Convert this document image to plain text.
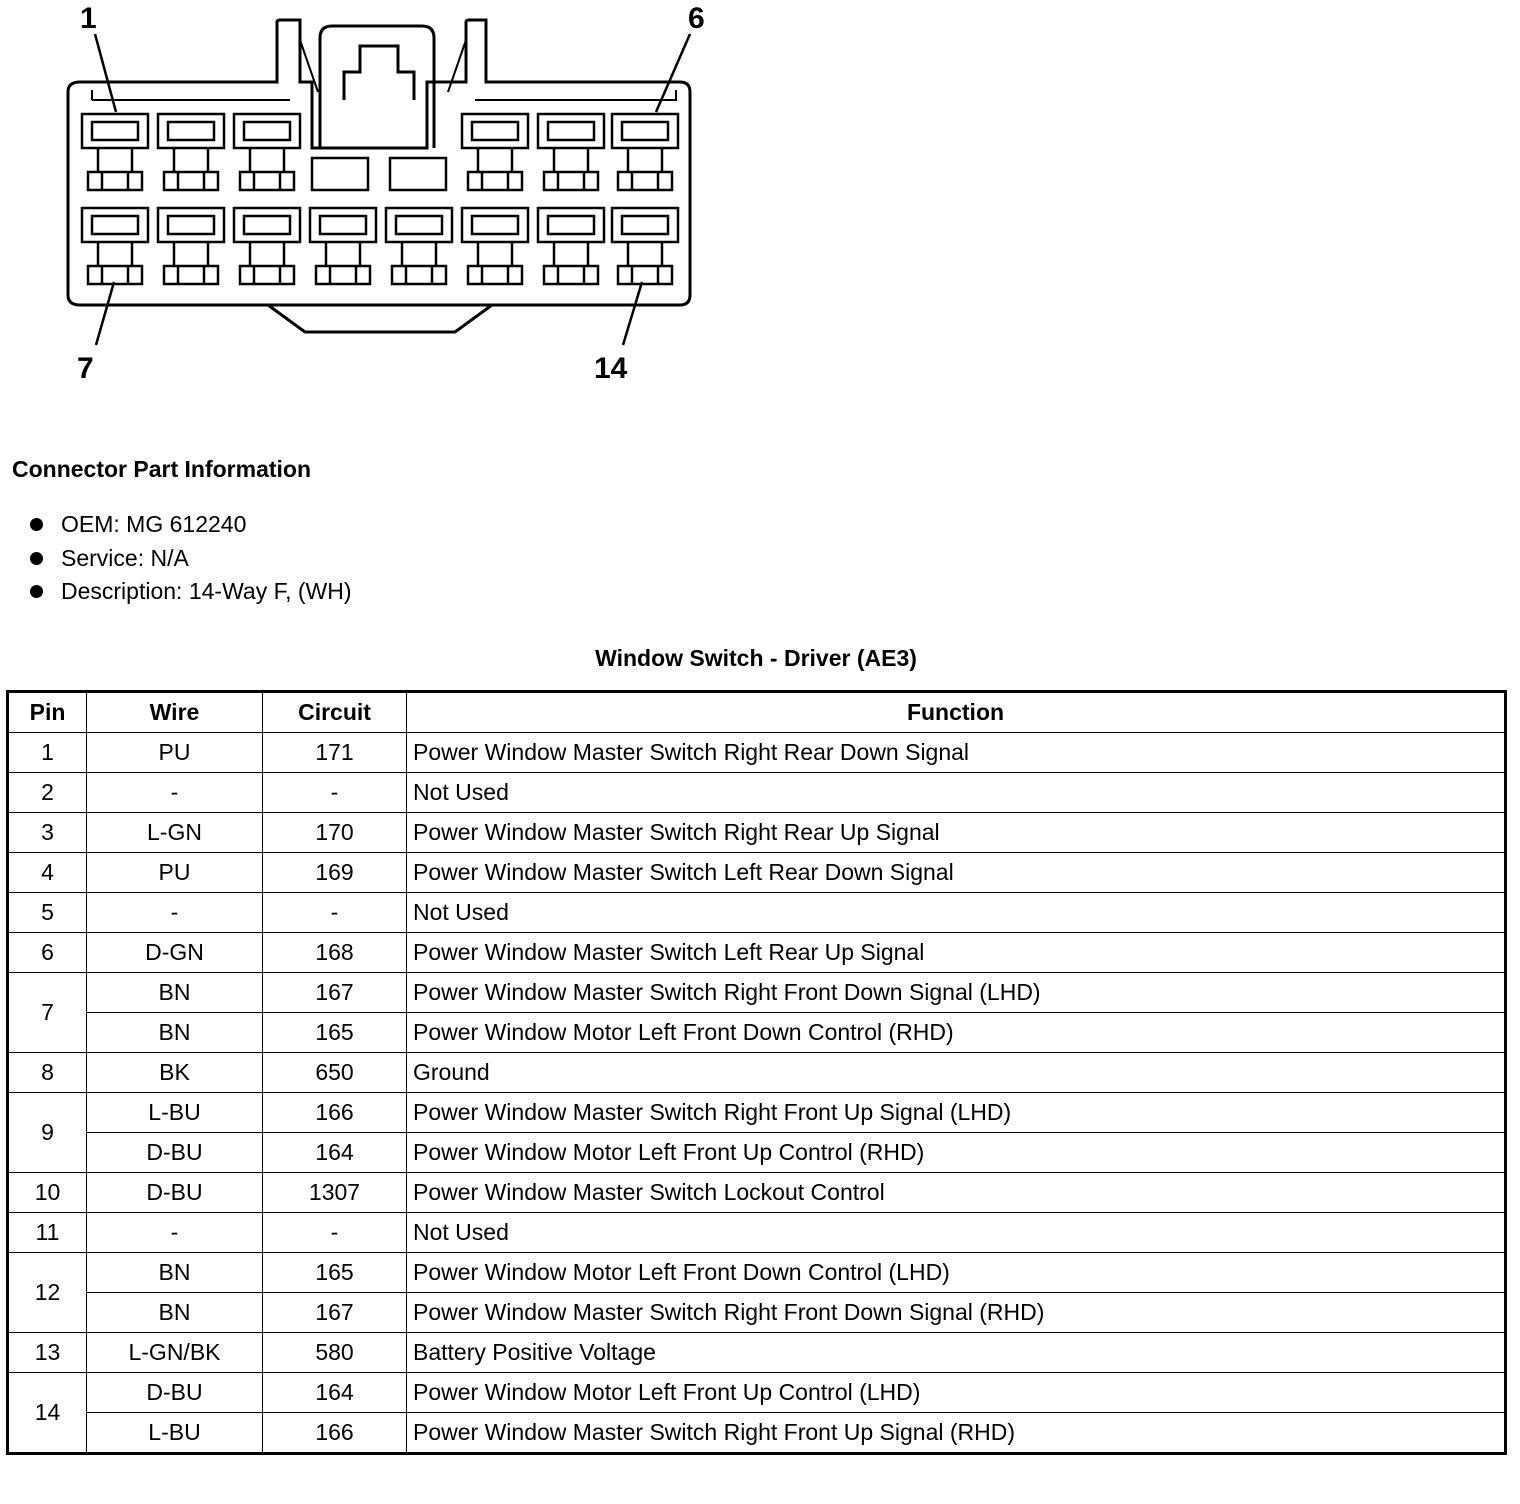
1	6
7	14
Connector Part Information
OEM: MG 612240
Service: N/A
Description: 14-Way F, (WH)
Window Switch - Driver (AE3)
Pin	Wire	Circuit	Function
1	PU	171	Power Window Master Switch Right Rear Down Signal
2	-	-	Not Used
3	L-GN	170	Power Window Master Switch Right Rear Up Signal
4	PU	169	Power Window Master Switch Left Rear Down Signal
5	-	-	Not Used
6	D-GN	168	Power Window Master Switch Left Rear Up Signal
7	BN	167	Power Window Master Switch Right Front Down Signal (LHD)
	BN	165	Power Window Motor Left Front Down Control (RHD)
8	BK	650	Ground
9	L-BU	166	Power Window Master Switch Right Front Up Signal (LHD)
	D-BU	164	Power Window Motor Left Front Up Control (RHD)
10	D-BU	1307	Power Window Master Switch Lockout Control
11	-	-	Not Used
12	BN	165	Power Window Motor Left Front Down Control (LHD)
	BN	167	Power Window Master Switch Right Front Down Signal (RHD)
13	L-GN/BK	580	Battery Positive Voltage
14	D-BU	164	Power Window Motor Left Front Up Control (LHD)
	L-BU	166	Power Window Master Switch Right Front Up Signal (RHD)
